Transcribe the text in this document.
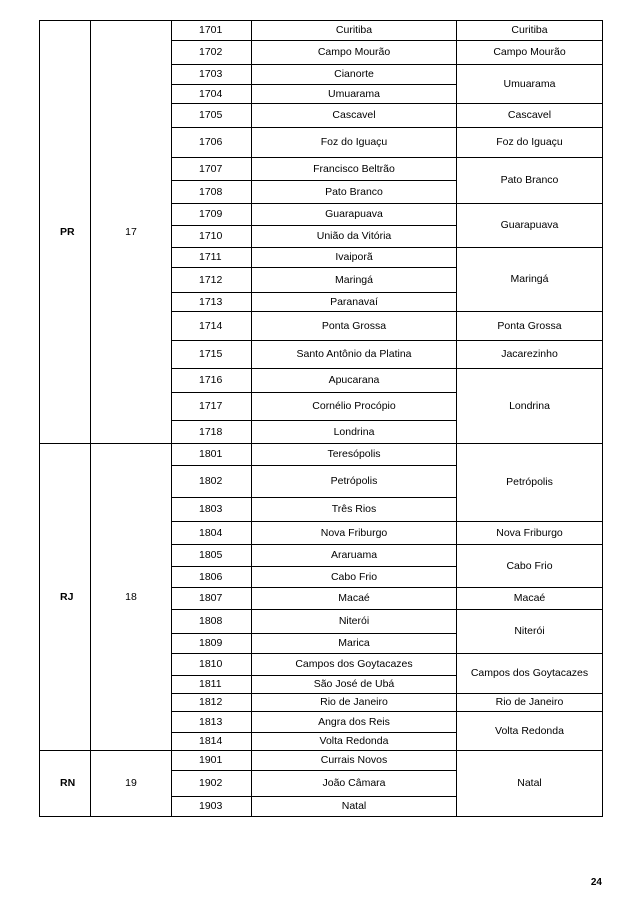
PR	17	1701	Curitiba	Curitiba
		1702	Campo Mourão	Campo Mourão
		1703	Cianorte	Umuarama
		1704	Umuarama	
		1705	Cascavel	Cascavel
		1706	Foz do Iguaçu	Foz do Iguaçu
		1707	Francisco Beltrão	Pato Branco
		1708	Pato Branco	
		1709	Guarapuava	Guarapuava
		1710	União da Vitória	
		1711	Ivaiporã	Maringá
		1712	Maringá	
		1713	Paranavaí	
		1714	Ponta Grossa	Ponta Grossa
		1715	Santo Antônio da Platina	Jacarezinho
		1716	Apucarana	Londrina
		1717	Cornélio Procópio	
		1718	Londrina	
RJ	18	1801	Teresópolis	Petrópolis
		1802	Petrópolis	
		1803	Três Rios	
		1804	Nova Friburgo	Nova Friburgo
		1805	Araruama	Cabo Frio
		1806	Cabo Frio	
		1807	Macaé	Macaé
		1808	Niterói	Niterói
		1809	Marica	
		1810	Campos dos Goytacazes	Campos dos Goytacazes
		1811	São José de Ubá	
		1812	Rio de Janeiro	Rio de Janeiro
		1813	Angra dos Reis	Volta Redonda
		1814	Volta Redonda	
RN	19	1901	Currais Novos	Natal
		1902	João Câmara	
		1903	Natal	
24
